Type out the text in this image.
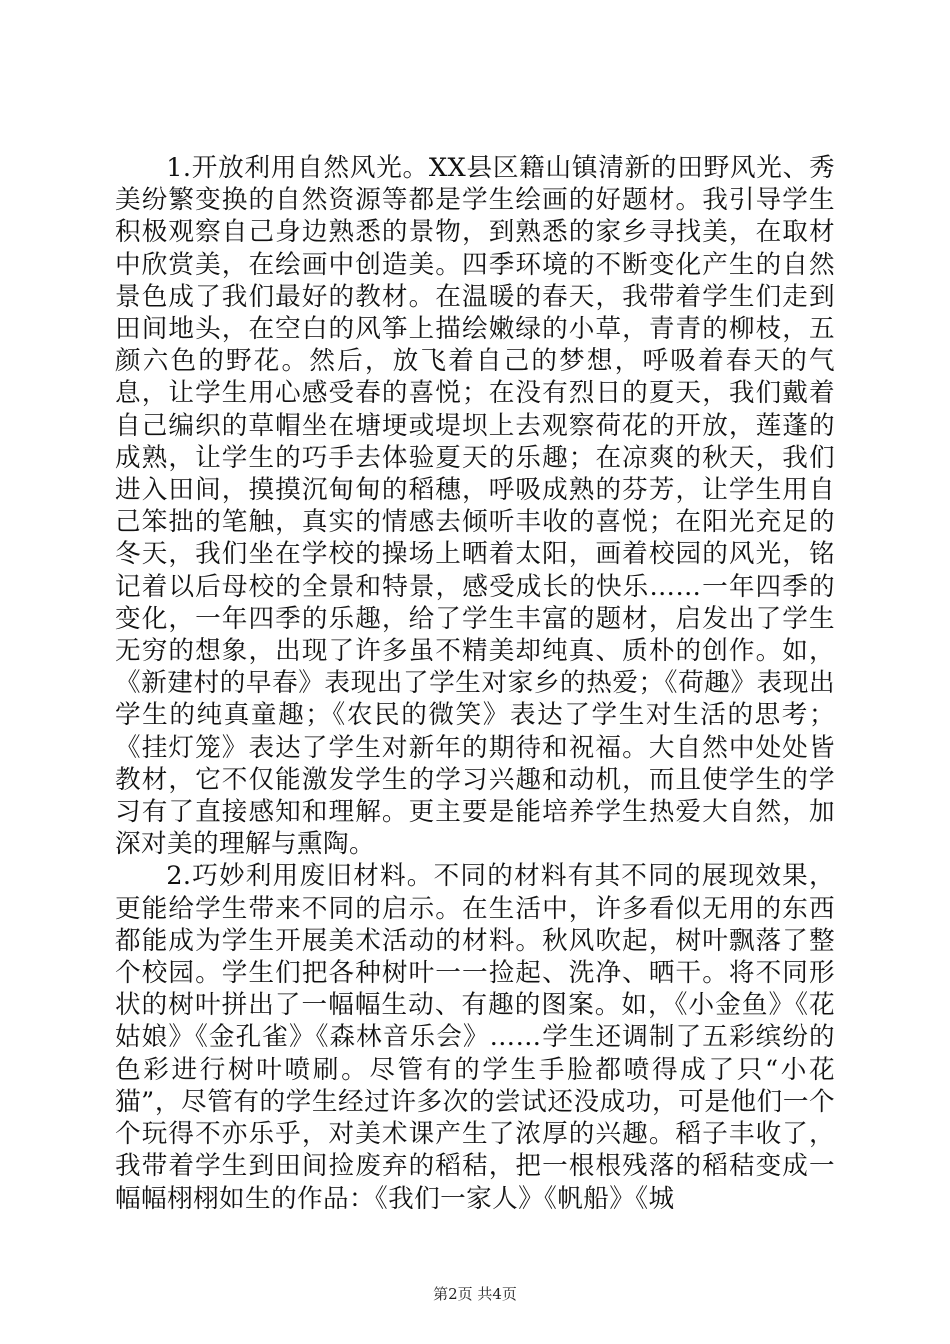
1.开放利用自然风光。XX县区籍山镇清新的田野风光、秀美纷繁变换的自然资源等都是学生绘画的好题材。我引导学生积极观察自己身边熟悉的景物，到熟悉的家乡寻找美，在取材中欣赏美，在绘画中创造美。四季环境的不断变化产生的自然景色成了我们最好的教材。在温暖的春天，我带着学生们走到田间地头，在空白的风筝上描绘嫩绿的小草，青青的柳枝，五颜六色的野花。然后，放飞着自己的梦想，呼吸着春天的气息，让学生用心感受春的喜悦；在没有烈日的夏天，我们戴着自己编织的草帽坐在塘埂或堤坝上去观察荷花的开放，莲蓬的成熟，让学生的巧手去体验夏天的乐趣；在凉爽的秋天，我们进入田间，摸摸沉甸甸的稻穗，呼吸成熟的芬芳，让学生用自己笨拙的笔触，真实的情感去倾听丰收的喜悦；在阳光充足的冬天，我们坐在学校的操场上晒着太阳，画着校园的风光，铭记着以后母校的全景和特景，感受成长的快乐……一年四季的变化，一年四季的乐趣，给了学生丰富的题材，启发出了学生无穷的想象，出现了许多虽不精美却纯真、质朴的创作。如，《新建村的早春》表现出了学生对家乡的热爱；《荷趣》表现出学生的纯真童趣；《农民的微笑》表达了学生对生活的思考；《挂灯笼》表达了学生对新年的期待和祝福。大自然中处处皆教材，它不仅能激发学生的学习兴趣和动机，而且使学生的学习有了直接感知和理解。更主要是能培养学生热爱大自然，加深对美的理解与熏陶。

2.巧妙利用废旧材料。不同的材料有其不同的展现效果，更能给学生带来不同的启示。在生活中，许多看似无用的东西都能成为学生开展美术活动的材料。秋风吹起，树叶飘落了整个校园。学生们把各种树叶一一捡起、洗净、晒干。将不同形状的树叶拼出了一幅幅生动、有趣的图案。如，《小金鱼》《花姑娘》《金孔雀》《森林音乐会》……学生还调制了五彩缤纷的色彩进行树叶喷刷。尽管有的学生手脸都喷得成了只“小花猫”，尽管有的学生经过许多次的尝试还没成功，可是他们一个个玩得不亦乐乎，对美术课产生了浓厚的兴趣。稻子丰收了，我带着学生到田间捡废弃的稻秸，把一根根残落的稻秸变成一幅幅栩栩如生的作品：《我们一家人》《帆船》《城

第2页 共4页
